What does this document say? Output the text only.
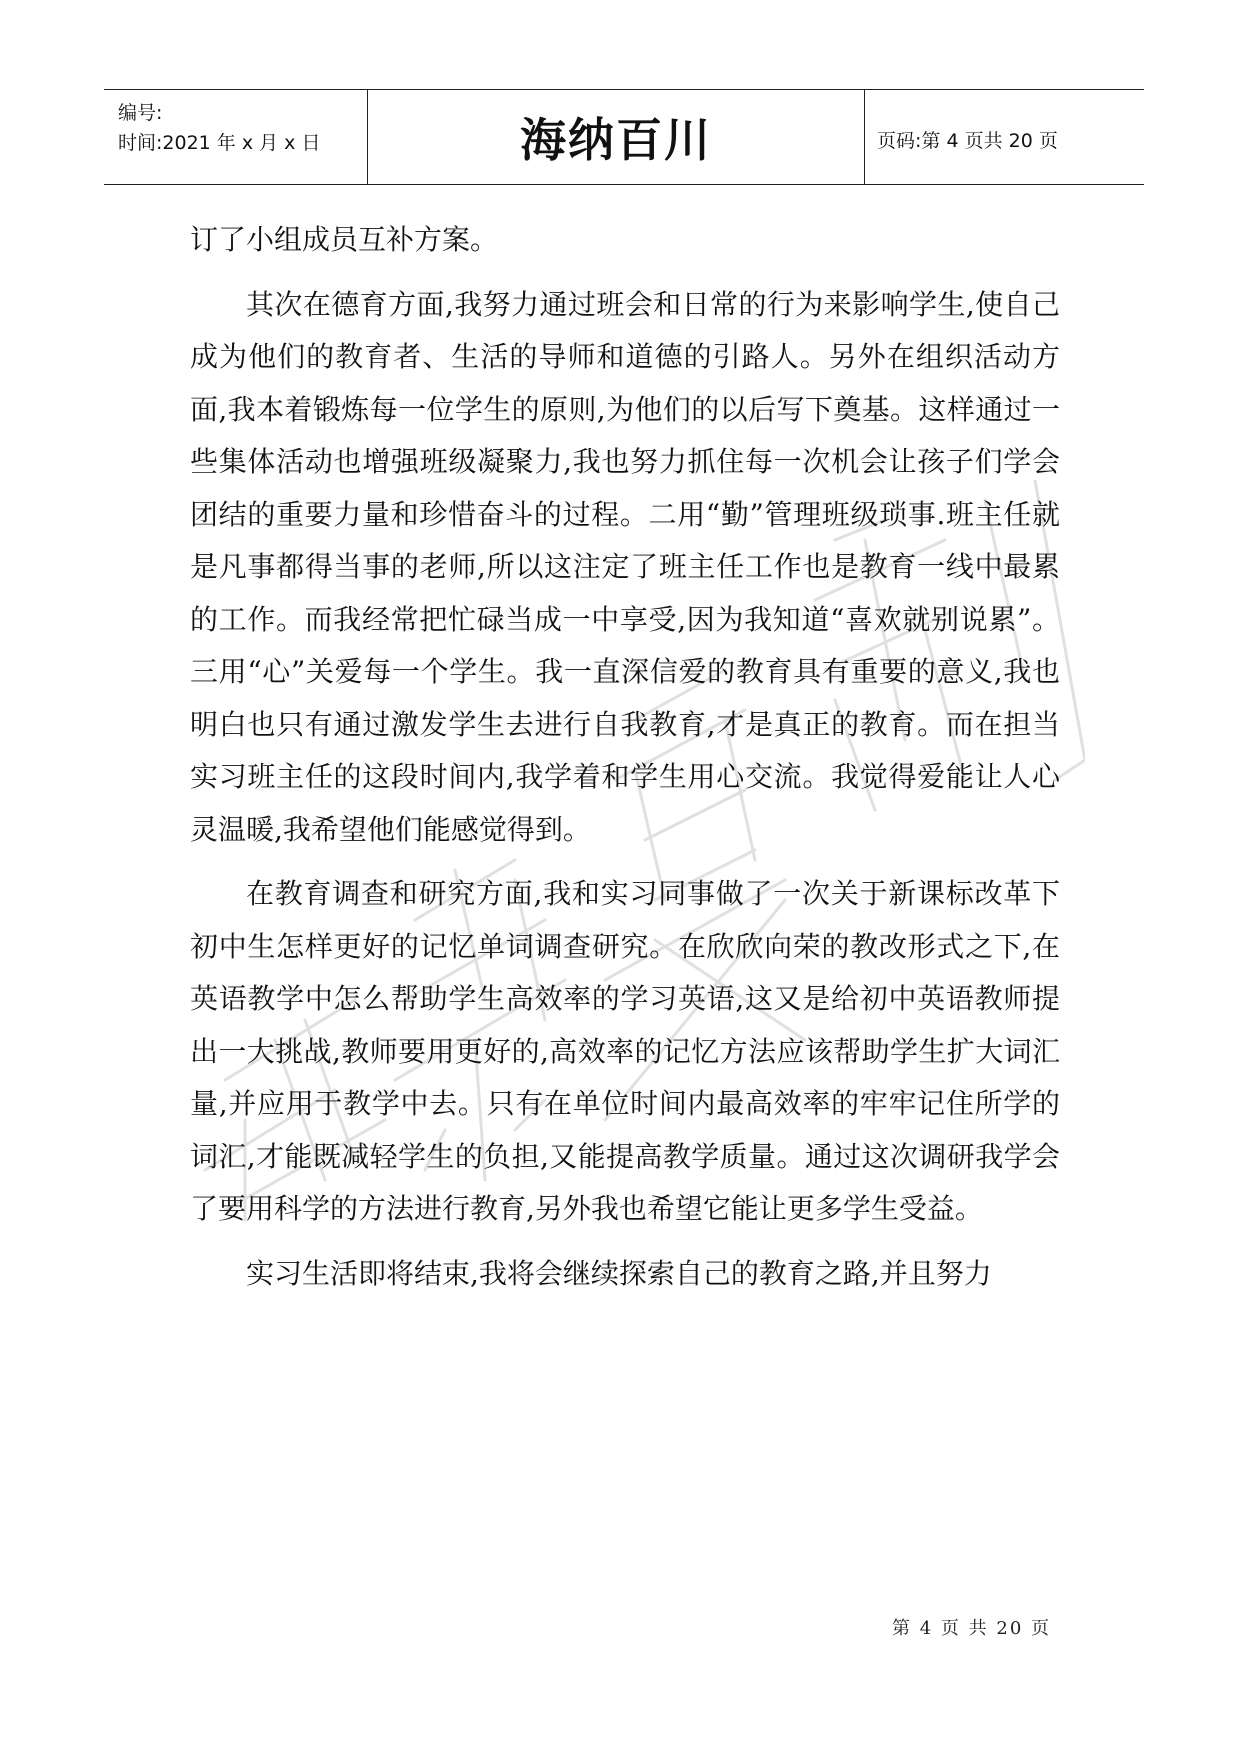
编号:
时间:2021 年 x 月 x 日	海纳百川	页码:第 4 页共 20 页

订了小组成员互补方案。

其次在德育方面,我努力通过班会和日常的行为来影响学生,使自己成为他们的教育者、生活的导师和道德的引路人。另外在组织活动方面,我本着锻炼每一位学生的原则,为他们的以后写下奠基。这样通过一些集体活动也增强班级凝聚力,我也努力抓住每一次机会让孩子们学会团结的重要力量和珍惜奋斗的过程。二用“勤”管理班级琐事.班主任就是凡事都得当事的老师,所以这注定了班主任工作也是教育一线中最累的工作。而我经常把忙碌当成一中享受,因为我知道“喜欢就别说累”。三用“心”关爱每一个学生。我一直深信爱的教育具有重要的意义,我也明白也只有通过激发学生去进行自我教育,才是真正的教育。而在担当实习班主任的这段时间内,我学着和学生用心交流。我觉得爱能让人心灵温暖,我希望他们能感觉得到。

在教育调查和研究方面,我和实习同事做了一次关于新课标改革下初中生怎样更好的记忆单词调查研究。在欣欣向荣的教改形式之下,在英语教学中怎么帮助学生高效率的学习英语,这又是给初中英语教师提出一大挑战,教师要用更好的,高效率的记忆方法应该帮助学生扩大词汇量,并应用于教学中去。只有在单位时间内最高效率的牢牢记住所学的词汇,才能既减轻学生的负担,又能提高教学质量。通过这次调研我学会了要用科学的方法进行教育,另外我也希望它能让更多学生受益。

实习生活即将结束,我将会继续探索自己的教育之路,并且努力

第 4 页 共 20 页
